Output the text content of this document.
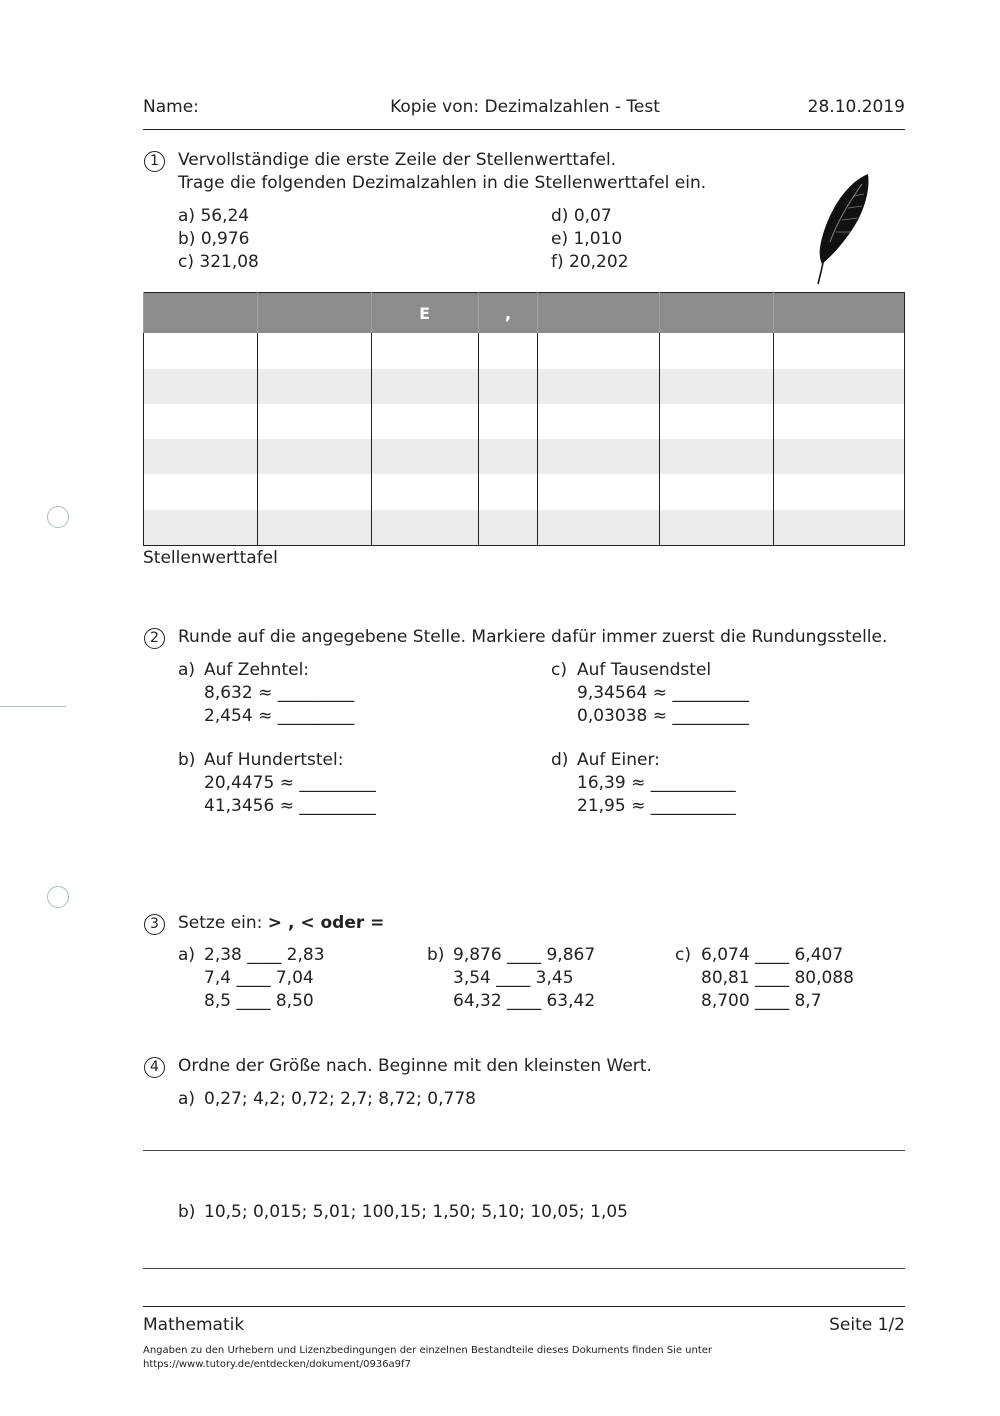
Name:	Kopie von: Dezimalzahlen - Test	28.10.2019
1	Vervollständige die erste Zeile der Stellenwerttafel.
Trage die folgenden Dezimalzahlen in die Stellenwerttafel ein.
a) 56,24
b) 0,976
c) 321,08
d) 0,07
e) 1,010
f) 20,202
		E	,			

Stellenwerttafel
2	Runde auf die angegebene Stelle. Markiere dafür immer zuerst die Rundungsstelle.
a) Auf Zehntel:
8,632 ≈ _________
2,454 ≈ _________
b) Auf Hundertstel:
20,4475 ≈ _________
41,3456 ≈ _________
c) Auf Tausendstel
9,34564 ≈ _________
0,03038 ≈ _________
d) Auf Einer:
16,39 ≈ __________
21,95 ≈ __________
3	Setze ein: > , < oder =
a) 2,38 ____ 2,83
7,4 ____ 7,04
8,5 ____ 8,50
b) 9,876 ____ 9,867
3,54 ____ 3,45
64,32 ____ 63,42
c) 6,074 ____ 6,407
80,81 ____ 80,088
8,700 ____ 8,7
4	Ordne der Größe nach. Beginne mit den kleinsten Wert.
a) 0,27; 4,2; 0,72; 2,7; 8,72; 0,778
b) 10,5; 0,015; 5,01; 100,15; 1,50; 5,10; 10,05; 1,05
Mathematik	Seite 1/2
Angaben zu den Urhebern und Lizenzbedingungen der einzelnen Bestandteile dieses Dokuments finden Sie unter
https://www.tutory.de/entdecken/dokument/0936a9f7
